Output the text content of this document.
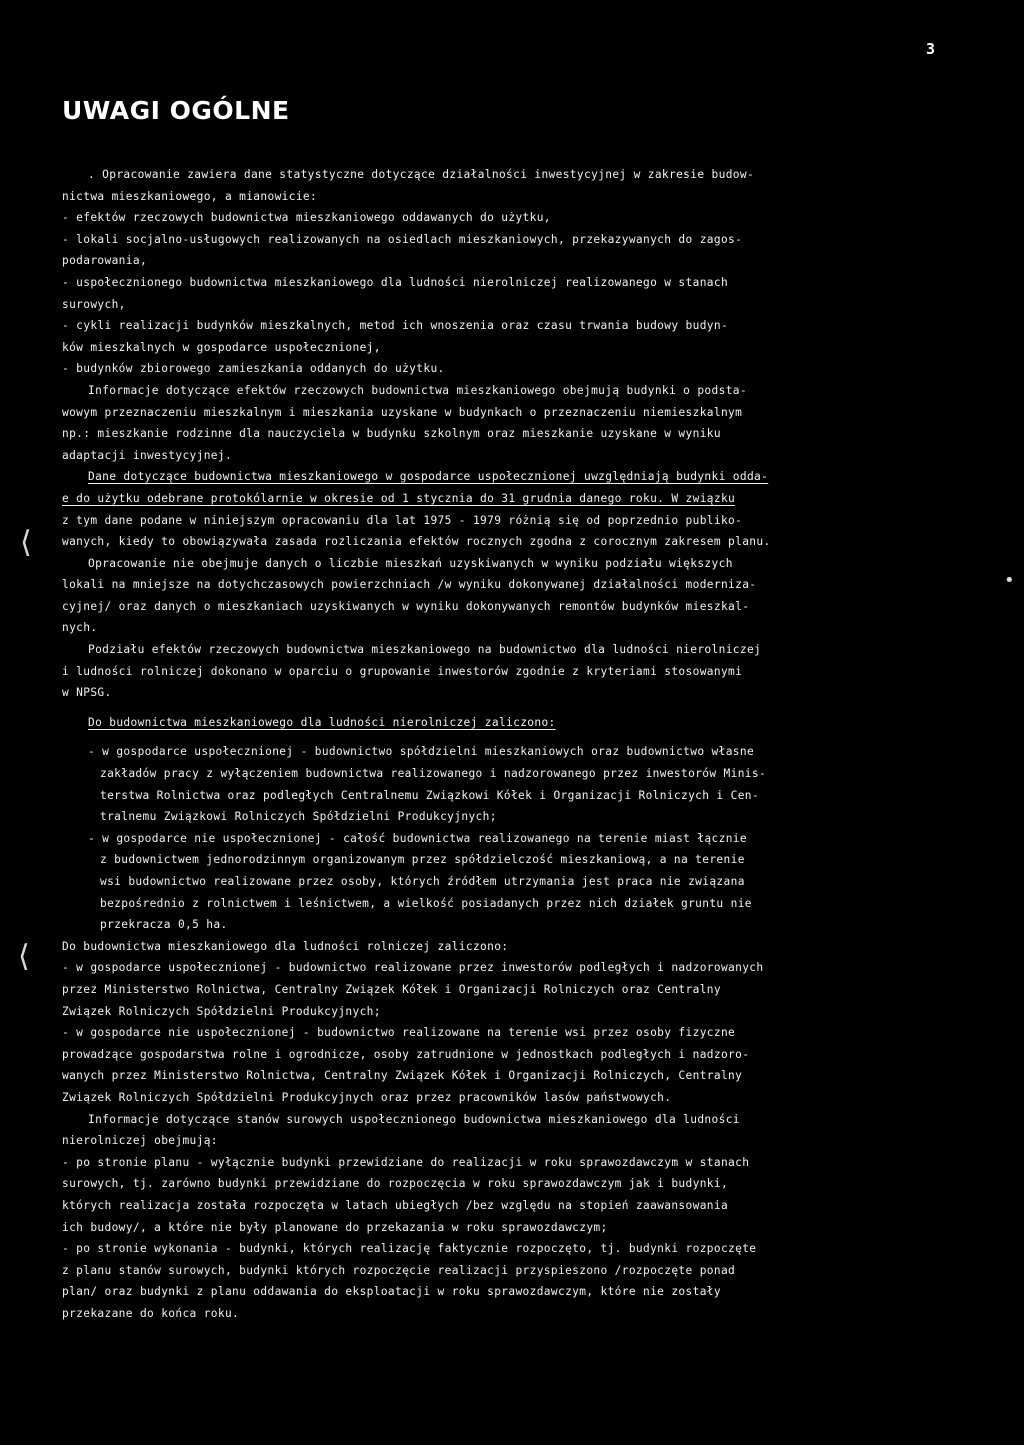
3
UWAGI OGÓLNE
. Opracowanie zawiera dane statystyczne dotyczące działalności inwestycyjnej w zakresie budow-
nictwa mieszkaniowego, a mianowicie:
- efektów rzeczowych budownictwa mieszkaniowego oddawanych do użytku,
- lokali socjalno-usługowych realizowanych na osiedlach mieszkaniowych, przekazywanych do zagos-
podarowania,
- uspołecznionego budownictwa mieszkaniowego dla ludności nierolniczej realizowanego w stanach
surowych,
- cykli realizacji budynków mieszkalnych, metod ich wnoszenia oraz czasu trwania budowy budyn-
ków mieszkalnych w gospodarce uspołecznionej,
- budynków zbiorowego zamieszkania oddanych do użytku.
Informacje dotyczące efektów rzeczowych budownictwa mieszkaniowego obejmują budynki o podsta-
wowym przeznaczeniu mieszkalnym i mieszkania uzyskane w budynkach o przeznaczeniu niemieszkalnym
np.: mieszkanie rodzinne dla nauczyciela w budynku szkolnym oraz mieszkanie uzyskane w wyniku
adaptacji inwestycyjnej.
Dane dotyczące budownictwa mieszkaniowego w gospodarce uspołecznionej uwzględniają budynki odda-
e do użytku odebrane protokólarnie w okresie od 1 stycznia do 31 grudnia danego roku. W związku
z tym dane podane w niniejszym opracowaniu dla lat 1975 - 1979 różnią się od poprzednio publiko-
wanych, kiedy to obowiązywała zasada rozliczania efektów rocznych zgodna z corocznym zakresem planu.
Opracowanie nie obejmuje danych o liczbie mieszkań uzyskiwanych w wyniku podziału większych
lokali na mniejsze na dotychczasowych powierzchniach /w wyniku dokonywanej działalności moderniza-
cyjnej/ oraz danych o mieszkaniach uzyskiwanych w wyniku dokonywanych remontów budynków mieszkal-
nych.
Podziału efektów rzeczowych budownictwa mieszkaniowego na budownictwo dla ludności nierolniczej
i ludności rolniczej dokonano w oparciu o grupowanie inwestorów zgodnie z kryteriami stosowanymi
w NPSG.
Do budownictwa mieszkaniowego dla ludności nierolniczej zaliczono:
- w gospodarce uspołecznionej - budownictwo spółdzielni mieszkaniowych oraz budownictwo własne
zakładów pracy z wyłączeniem budownictwa realizowanego i nadzorowanego przez inwestorów Minis-
terstwa Rolnictwa oraz podległych Centralnemu Związkowi Kółek i Organizacji Rolniczych i Cen-
tralnemu Związkowi Rolniczych Spółdzielni Produkcyjnych;
- w gospodarce nie uspołecznionej - całość budownictwa realizowanego na terenie miast łącznie
z budownictwem jednorodzinnym organizowanym przez spółdzielczość mieszkaniową, a na terenie
wsi budownictwo realizowane przez osoby, których źródłem utrzymania jest praca nie związana
bezpośrednio z rolnictwem i leśnictwem, a wielkość posiadanych przez nich działek gruntu nie
przekracza 0,5 ha.
Do budownictwa mieszkaniowego dla ludności rolniczej zaliczono:
- w gospodarce uspołecznionej - budownictwo realizowane przez inwestorów podległych i nadzorowanych
przez Ministerstwo Rolnictwa, Centralny Związek Kółek i Organizacji Rolniczych oraz Centralny
Związek Rolniczych Spółdzielni Produkcyjnych;
- w gospodarce nie uspołecznionej - budownictwo realizowane na terenie wsi przez osoby fizyczne
prowadzące gospodarstwa rolne i ogrodnicze, osoby zatrudnione w jednostkach podległych i nadzoro-
wanych przez Ministerstwo Rolnictwa, Centralny Związek Kółek i Organizacji Rolniczych, Centralny
Związek Rolniczych Spółdzielni Produkcyjnych oraz przez pracowników lasów państwowych.
Informacje dotyczące stanów surowych uspołecznionego budownictwa mieszkaniowego dla ludności
nierolniczej obejmują:
- po stronie planu - wyłącznie budynki przewidziane do realizacji w roku sprawozdawczym w stanach
surowych, tj. zarówno budynki przewidziane do rozpoczęcia w roku sprawozdawczym jak i budynki,
których realizacja została rozpoczęta w latach ubiegłych /bez względu na stopień zaawansowania
ich budowy/, a które nie były planowane do przekazania w roku sprawozdawczym;
- po stronie wykonania - budynki, których realizację faktycznie rozpoczęto, tj. budynki rozpoczęte
z planu stanów surowych, budynki których rozpoczęcie realizacji przyspieszono /rozpoczęte ponad
plan/ oraz budynki z planu oddawania do eksploatacji w roku sprawozdawczym, które nie zostały
przekazane do końca roku.
⟨
⟨
•
